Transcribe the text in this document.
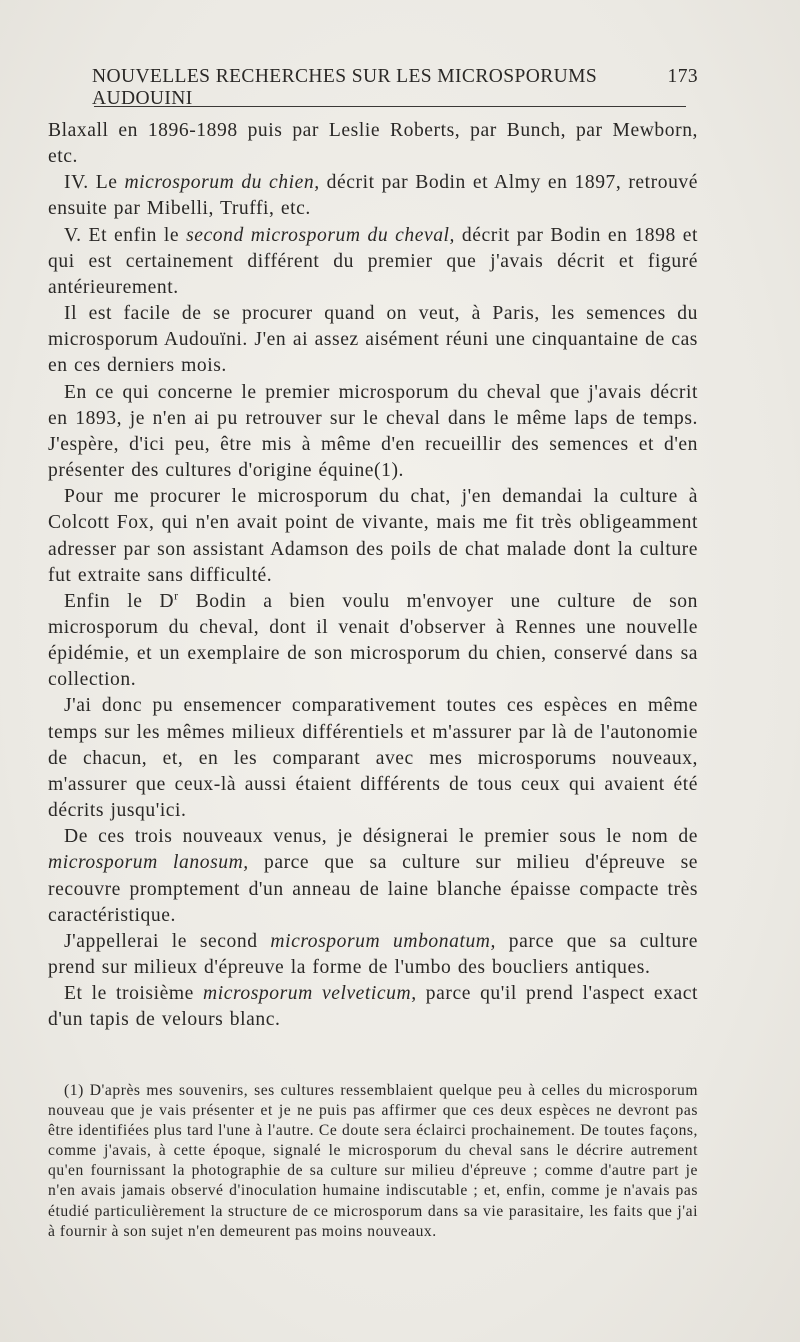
NOUVELLES RECHERCHES SUR LES MICROSPORUMS AUDOUINI
173

Blaxall en 1896-1898 puis par Leslie Roberts, par Bunch, par Mewborn, etc.

IV. Le microsporum du chien, décrit par Bodin et Almy en 1897, retrouvé ensuite par Mibelli, Truffi, etc.

V. Et enfin le second microsporum du cheval, décrit par Bodin en 1898 et qui est certainement différent du premier que j'avais décrit et figuré antérieurement.

Il est facile de se procurer quand on veut, à Paris, les semences du microsporum Audouïni. J'en ai assez aisément réuni une cinquantaine de cas en ces derniers mois.

En ce qui concerne le premier microsporum du cheval que j'avais décrit en 1893, je n'en ai pu retrouver sur le cheval dans le même laps de temps. J'espère, d'ici peu, être mis à même d'en recueillir des semences et d'en présenter des cultures d'origine équine(1).

Pour me procurer le microsporum du chat, j'en demandai la culture à Colcott Fox, qui n'en avait point de vivante, mais me fit très obligeamment adresser par son assistant Adamson des poils de chat malade dont la culture fut extraite sans difficulté.

Enfin le $D^r$ Bodin a bien voulu m'envoyer une culture de son microsporum du cheval, dont il venait d'observer à Rennes une nouvelle épidémie, et un exemplaire de son microsporum du chien, conservé dans sa collection.

J'ai donc pu ensemencer comparativement toutes ces espèces en même temps sur les mêmes milieux différentiels et m'assurer par là de l'autonomie de chacun, et, en les comparant avec mes microsporums nouveaux, m'assurer que ceux-là aussi étaient différents de tous ceux qui avaient été décrits jusqu'ici.

De ces trois nouveaux venus, je désignerai le premier sous le nom de microsporum lanosum, parce que sa culture sur milieu d'épreuve se recouvre promptement d'un anneau de laine blanche épaisse compacte très caractéristique.

J'appellerai le second microsporum umbonatum, parce que sa culture prend sur milieux d'épreuve la forme de l'umbo des boucliers antiques.

Et le troisième microsporum velveticum, parce qu'il prend l'aspect exact d'un tapis de velours blanc.

(1) D'après mes souvenirs, ses cultures ressemblaient quelque peu à celles du microsporum nouveau que je vais présenter et je ne puis pas affirmer que ces deux espèces ne devront pas être identifiées plus tard l'une à l'autre. Ce doute sera éclairci prochainement. De toutes façons, comme j'avais, à cette époque, signalé le microsporum du cheval sans le décrire autrement qu'en fournissant la photographie de sa culture sur milieu d'épreuve ; comme d'autre part je n'en avais jamais observé d'inoculation humaine indiscutable ; et, enfin, comme je n'avais pas étudié particulièrement la structure de ce microsporum dans sa vie parasitaire, les faits que j'ai à fournir à son sujet n'en demeurent pas moins nouveaux.
